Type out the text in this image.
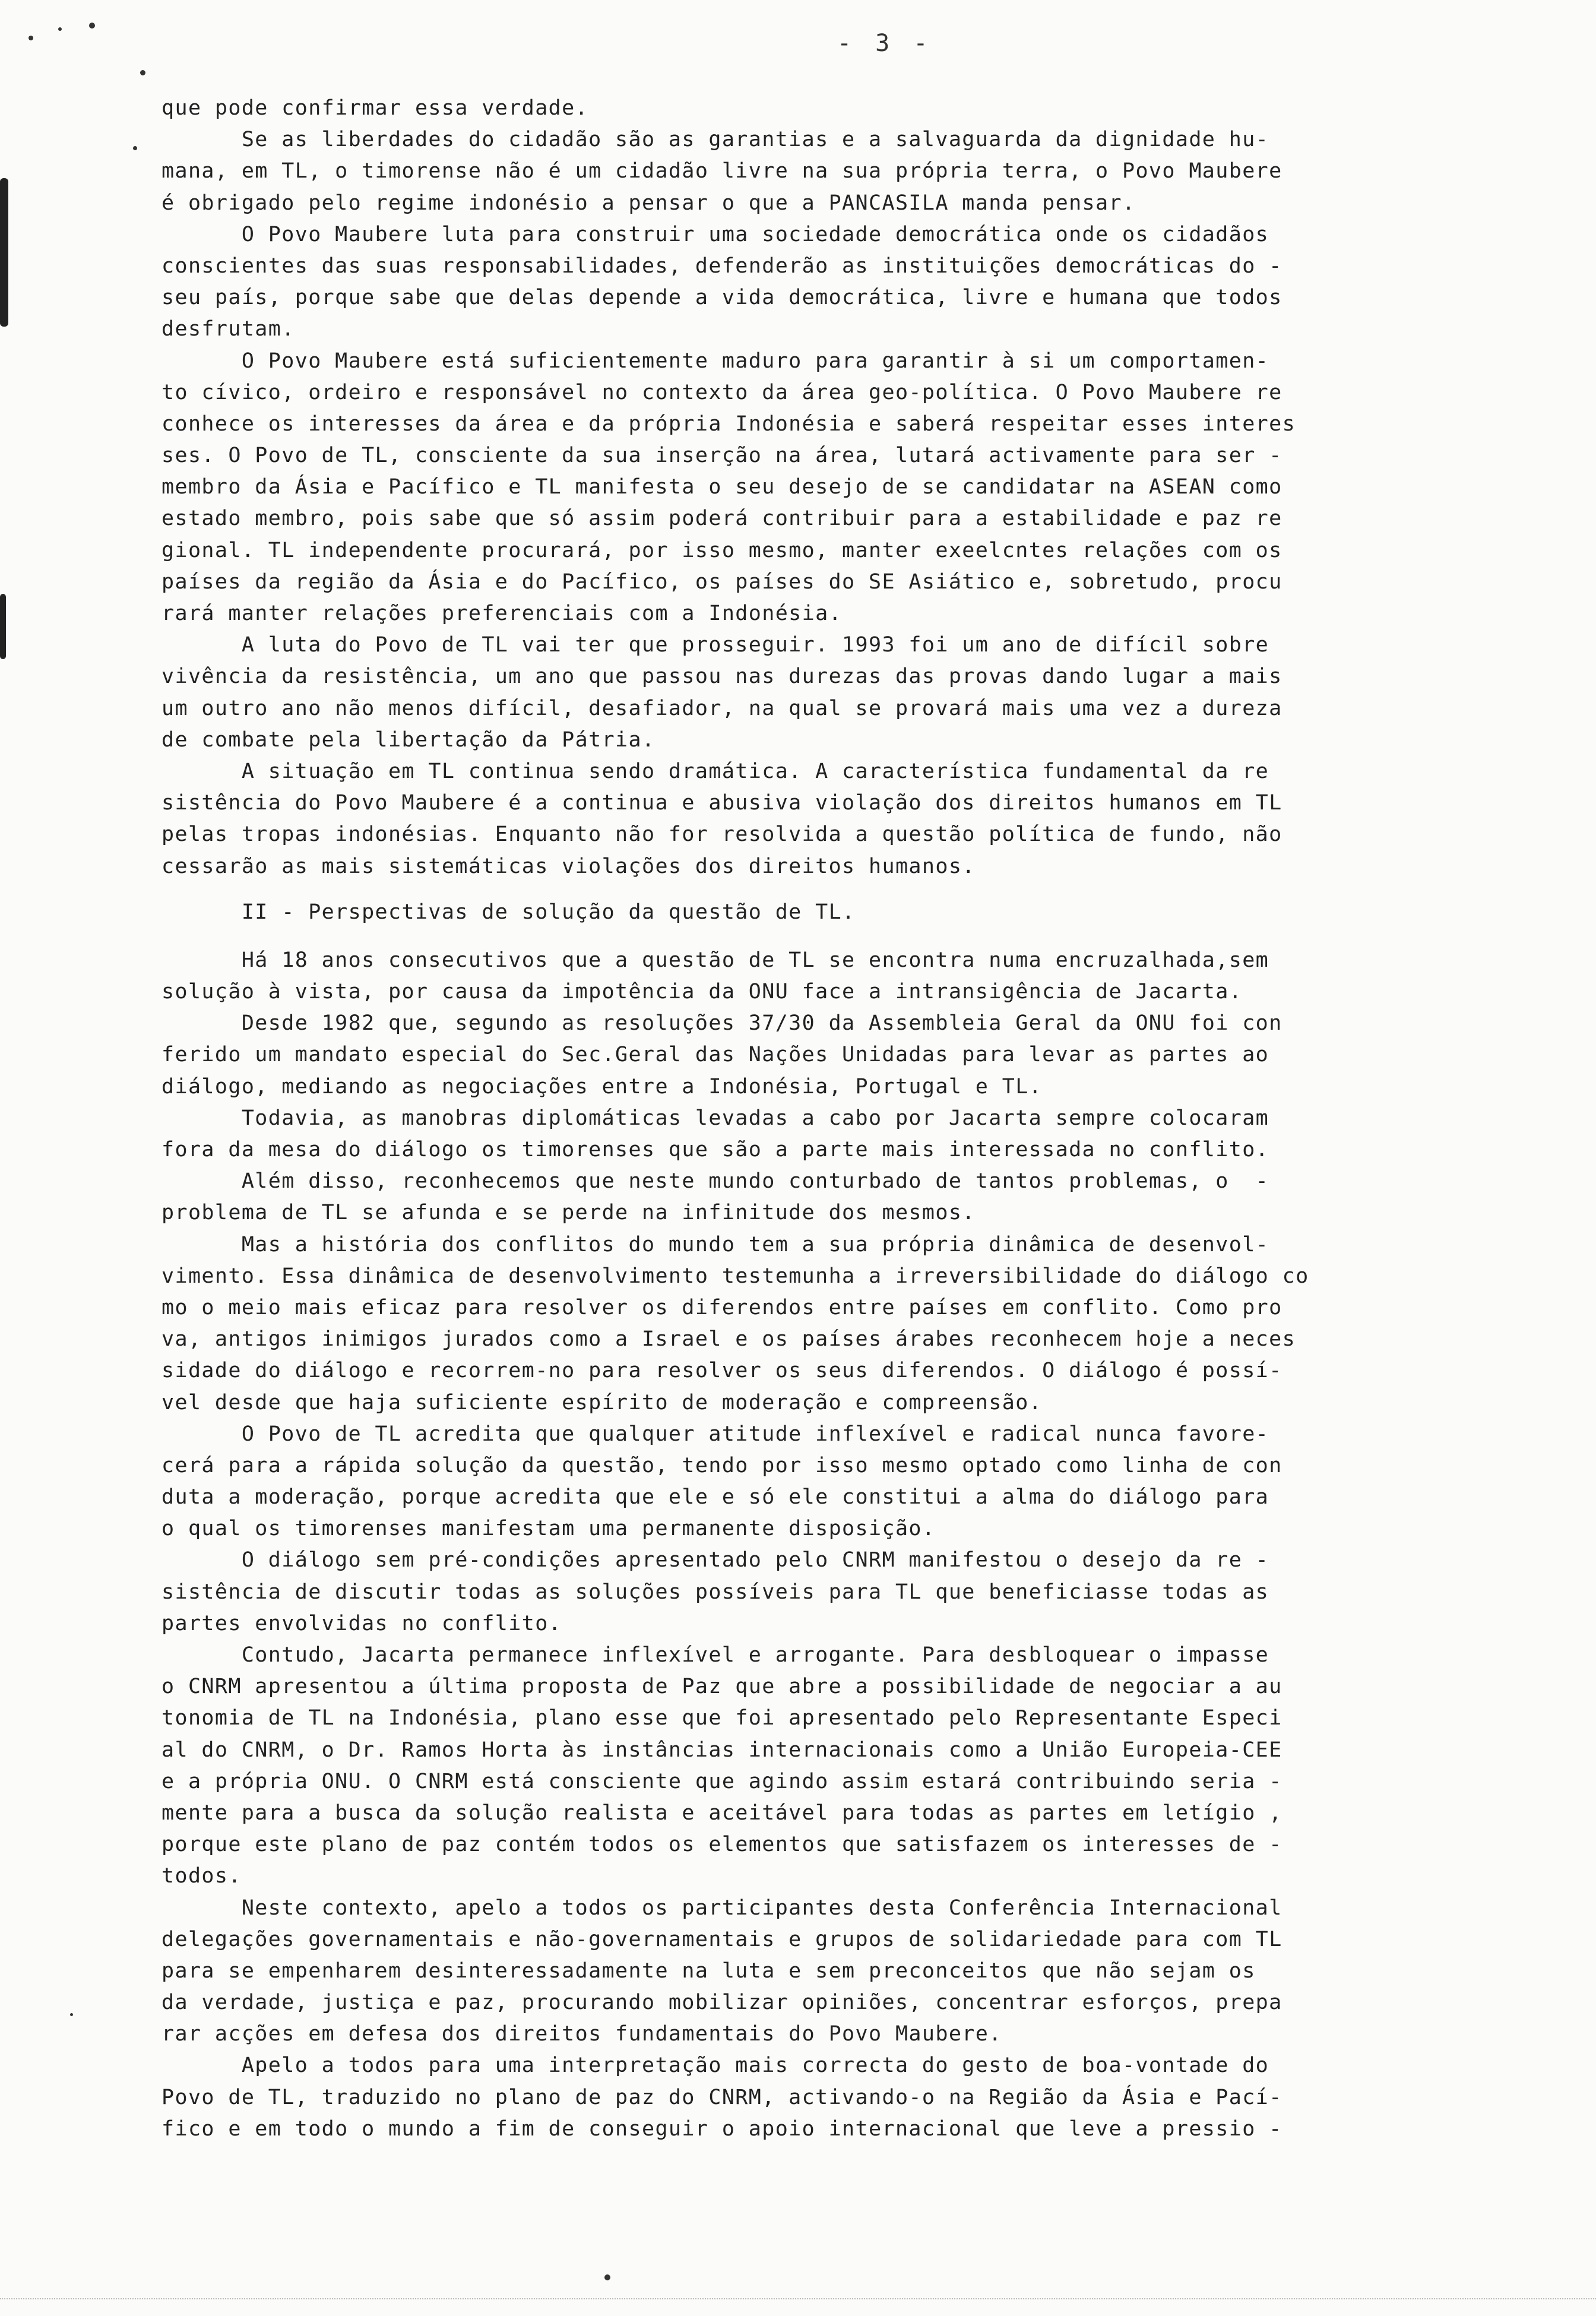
- 3 -
que pode confirmar essa verdade.
Se as liberdades do cidadão são as garantias e a salvaguarda da dignidade hu-
mana, em TL, o timorense não é um cidadão livre na sua própria terra, o Povo Maubere
é obrigado pelo regime indonésio a pensar o que a PANCASILA manda pensar.
O Povo Maubere luta para construir uma sociedade democrática onde os cidadãos
conscientes das suas responsabilidades, defenderão as instituições democráticas do -
seu país, porque sabe que delas depende a vida democrática, livre e humana que todos
desfrutam.
O Povo Maubere está suficientemente maduro para garantir à si um comportamen-
to cívico, ordeiro e responsável no contexto da área geo-política. O Povo Maubere re
conhece os interesses da área e da própria Indonésia e saberá respeitar esses interes
ses. O Povo de TL, consciente da sua inserção na área, lutará activamente para ser -
membro da Ásia e Pacífico e TL manifesta o seu desejo de se candidatar na ASEAN como
estado membro, pois sabe que só assim poderá contribuir para a estabilidade e paz re
gional. TL independente procurará, por isso mesmo, manter exeelcntes relações com os
países da região da Ásia e do Pacífico, os países do SE Asiático e, sobretudo, procu
rará manter relações preferenciais com a Indonésia.
A luta do Povo de TL vai ter que prosseguir. 1993 foi um ano de difícil sobre
vivência da resistência, um ano que passou nas durezas das provas dando lugar a mais
um outro ano não menos difícil, desafiador, na qual se provará mais uma vez a dureza
de combate pela libertação da Pátria.
A situação em TL continua sendo dramática. A característica fundamental da re
sistência do Povo Maubere é a continua e abusiva violação dos direitos humanos em TL
pelas tropas indonésias. Enquanto não for resolvida a questão política de fundo, não
cessarão as mais sistemáticas violações dos direitos humanos.
II - Perspectivas de solução da questão de TL.
Há 18 anos consecutivos que a questão de TL se encontra numa encruzalhada,sem
solução à vista, por causa da impotência da ONU face a intransigência de Jacarta.
Desde 1982 que, segundo as resoluções 37/30 da Assembleia Geral da ONU foi con
ferido um mandato especial do Sec.Geral das Nações Unidadas para levar as partes ao
diálogo, mediando as negociações entre a Indonésia, Portugal e TL.
Todavia, as manobras diplomáticas levadas a cabo por Jacarta sempre colocaram
fora da mesa do diálogo os timorenses que são a parte mais interessada no conflito.
Além disso, reconhecemos que neste mundo conturbado de tantos problemas, o  -
problema de TL se afunda e se perde na infinitude dos mesmos.
Mas a história dos conflitos do mundo tem a sua própria dinâmica de desenvol-
vimento. Essa dinâmica de desenvolvimento testemunha a irreversibilidade do diálogo co
mo o meio mais eficaz para resolver os diferendos entre países em conflito. Como pro
va, antigos inimigos jurados como a Israel e os países árabes reconhecem hoje a neces
sidade do diálogo e recorrem-no para resolver os seus diferendos. O diálogo é possí-
vel desde que haja suficiente espírito de moderação e compreensão.
O Povo de TL acredita que qualquer atitude inflexível e radical nunca favore-
cerá para a rápida solução da questão, tendo por isso mesmo optado como linha de con
duta a moderação, porque acredita que ele e só ele constitui a alma do diálogo para
o qual os timorenses manifestam uma permanente disposição.
O diálogo sem pré-condições apresentado pelo CNRM manifestou o desejo da re -
sistência de discutir todas as soluções possíveis para TL que beneficiasse todas as
partes envolvidas no conflito.
Contudo, Jacarta permanece inflexível e arrogante. Para desbloquear o impasse
o CNRM apresentou a última proposta de Paz que abre a possibilidade de negociar a au
tonomia de TL na Indonésia, plano esse que foi apresentado pelo Representante Especi
al do CNRM, o Dr. Ramos Horta às instâncias internacionais como a União Europeia-CEE
e a própria ONU. O CNRM está consciente que agindo assim estará contribuindo seria -
mente para a busca da solução realista e aceitável para todas as partes em letígio ,
porque este plano de paz contém todos os elementos que satisfazem os interesses de -
todos.
Neste contexto, apelo a todos os participantes desta Conferência Internacional
delegações governamentais e não-governamentais e grupos de solidariedade para com TL
para se empenharem desinteressadamente na luta e sem preconceitos que não sejam os
da verdade, justiça e paz, procurando mobilizar opiniões, concentrar esforços, prepa
rar acções em defesa dos direitos fundamentais do Povo Maubere.
Apelo a todos para uma interpretação mais correcta do gesto de boa-vontade do
Povo de TL, traduzido no plano de paz do CNRM, activando-o na Região da Ásia e Pací-
fico e em todo o mundo a fim de conseguir o apoio internacional que leve a pressio -
